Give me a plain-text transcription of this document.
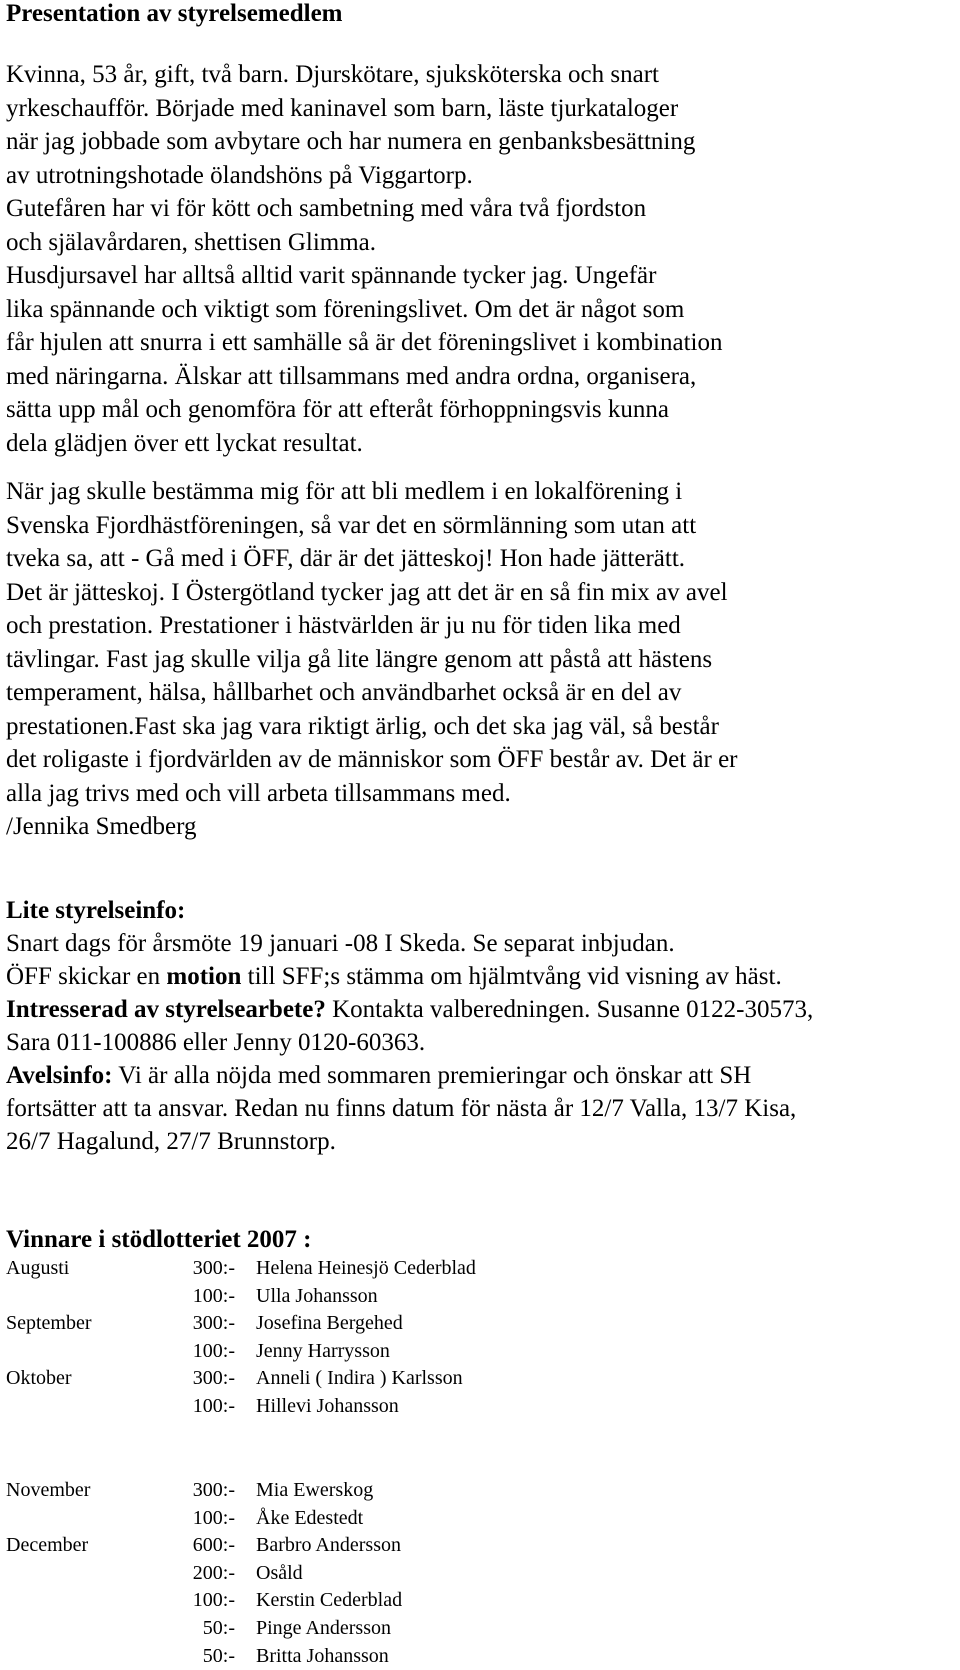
Presentation av styrelsemedlem
Kvinna, 53 år, gift, två barn. Djurskötare, sjuksköterska och snart
yrkeschaufför. Började med kaninavel som barn, läste tjurkataloger
när jag jobbade som avbytare och har numera en genbanksbesättning
av utrotningshotade ölandshöns på Viggartorp.
Gutefåren har vi för kött och sambetning med våra två fjordston
och själavårdaren, shettisen Glimma.
Husdjursavel har alltså alltid varit spännande tycker jag. Ungefär
lika spännande och viktigt som föreningslivet. Om det är något som
får hjulen att snurra i ett samhälle så är det föreningslivet i kombination
med näringarna. Älskar att tillsammans med andra ordna, organisera,
sätta upp mål och genomföra för att efteråt förhoppningsvis kunna
dela glädjen över ett lyckat resultat.
När jag skulle bestämma mig för att bli medlem i en lokalförening i
Svenska Fjordhästföreningen, så var det en sörmlänning som utan att
tveka sa, att - Gå med i ÖFF, där är det jätteskoj! Hon hade jätterätt.
Det är jätteskoj. I Östergötland tycker jag att det är en så fin mix av avel
och prestation. Prestationer i hästvärlden är ju nu för tiden lika med
tävlingar. Fast jag skulle vilja gå lite längre genom att påstå att hästens
temperament, hälsa, hållbarhet och användbarhet också är en del av
prestationen.Fast ska jag vara riktigt ärlig, och det ska jag väl, så består
det roligaste i fjordvärlden av de människor som ÖFF består av. Det är er
alla jag trivs med och vill arbeta tillsammans med.
/Jennika Smedberg
Lite styrelseinfo:
Snart dags för årsmöte 19 januari -08 I Skeda. Se separat inbjudan.
ÖFF skickar en motion till SFF;s stämma om hjälmtvång vid visning av häst.
Intresserad av styrelsearbete? Kontakta valberedningen. Susanne 0122-30573,
Sara 011-100886 eller Jenny 0120-60363.
Avelsinfo: Vi är alla nöjda med sommaren premieringar och önskar att SH
fortsätter att ta ansvar. Redan nu finns datum för nästa år 12/7 Valla, 13/7 Kisa,
26/7 Hagalund, 27/7 Brunnstorp.
Vinnare i stödlotteriet 2007 :
Augusti	300:- Helena Heinesjö Cederblad
100:- Ulla Johansson
September	300:- Josefina Bergehed
100:- Jenny Harrysson
Oktober	300:- Anneli ( Indira ) Karlsson
100:- Hillevi Johansson
November	300:- Mia Ewerskog
100:- Åke Edestedt
December	600:- Barbro Andersson
200:- Osåld
100:- Kerstin Cederblad
50:- Pinge Andersson
50:- Britta Johansson
